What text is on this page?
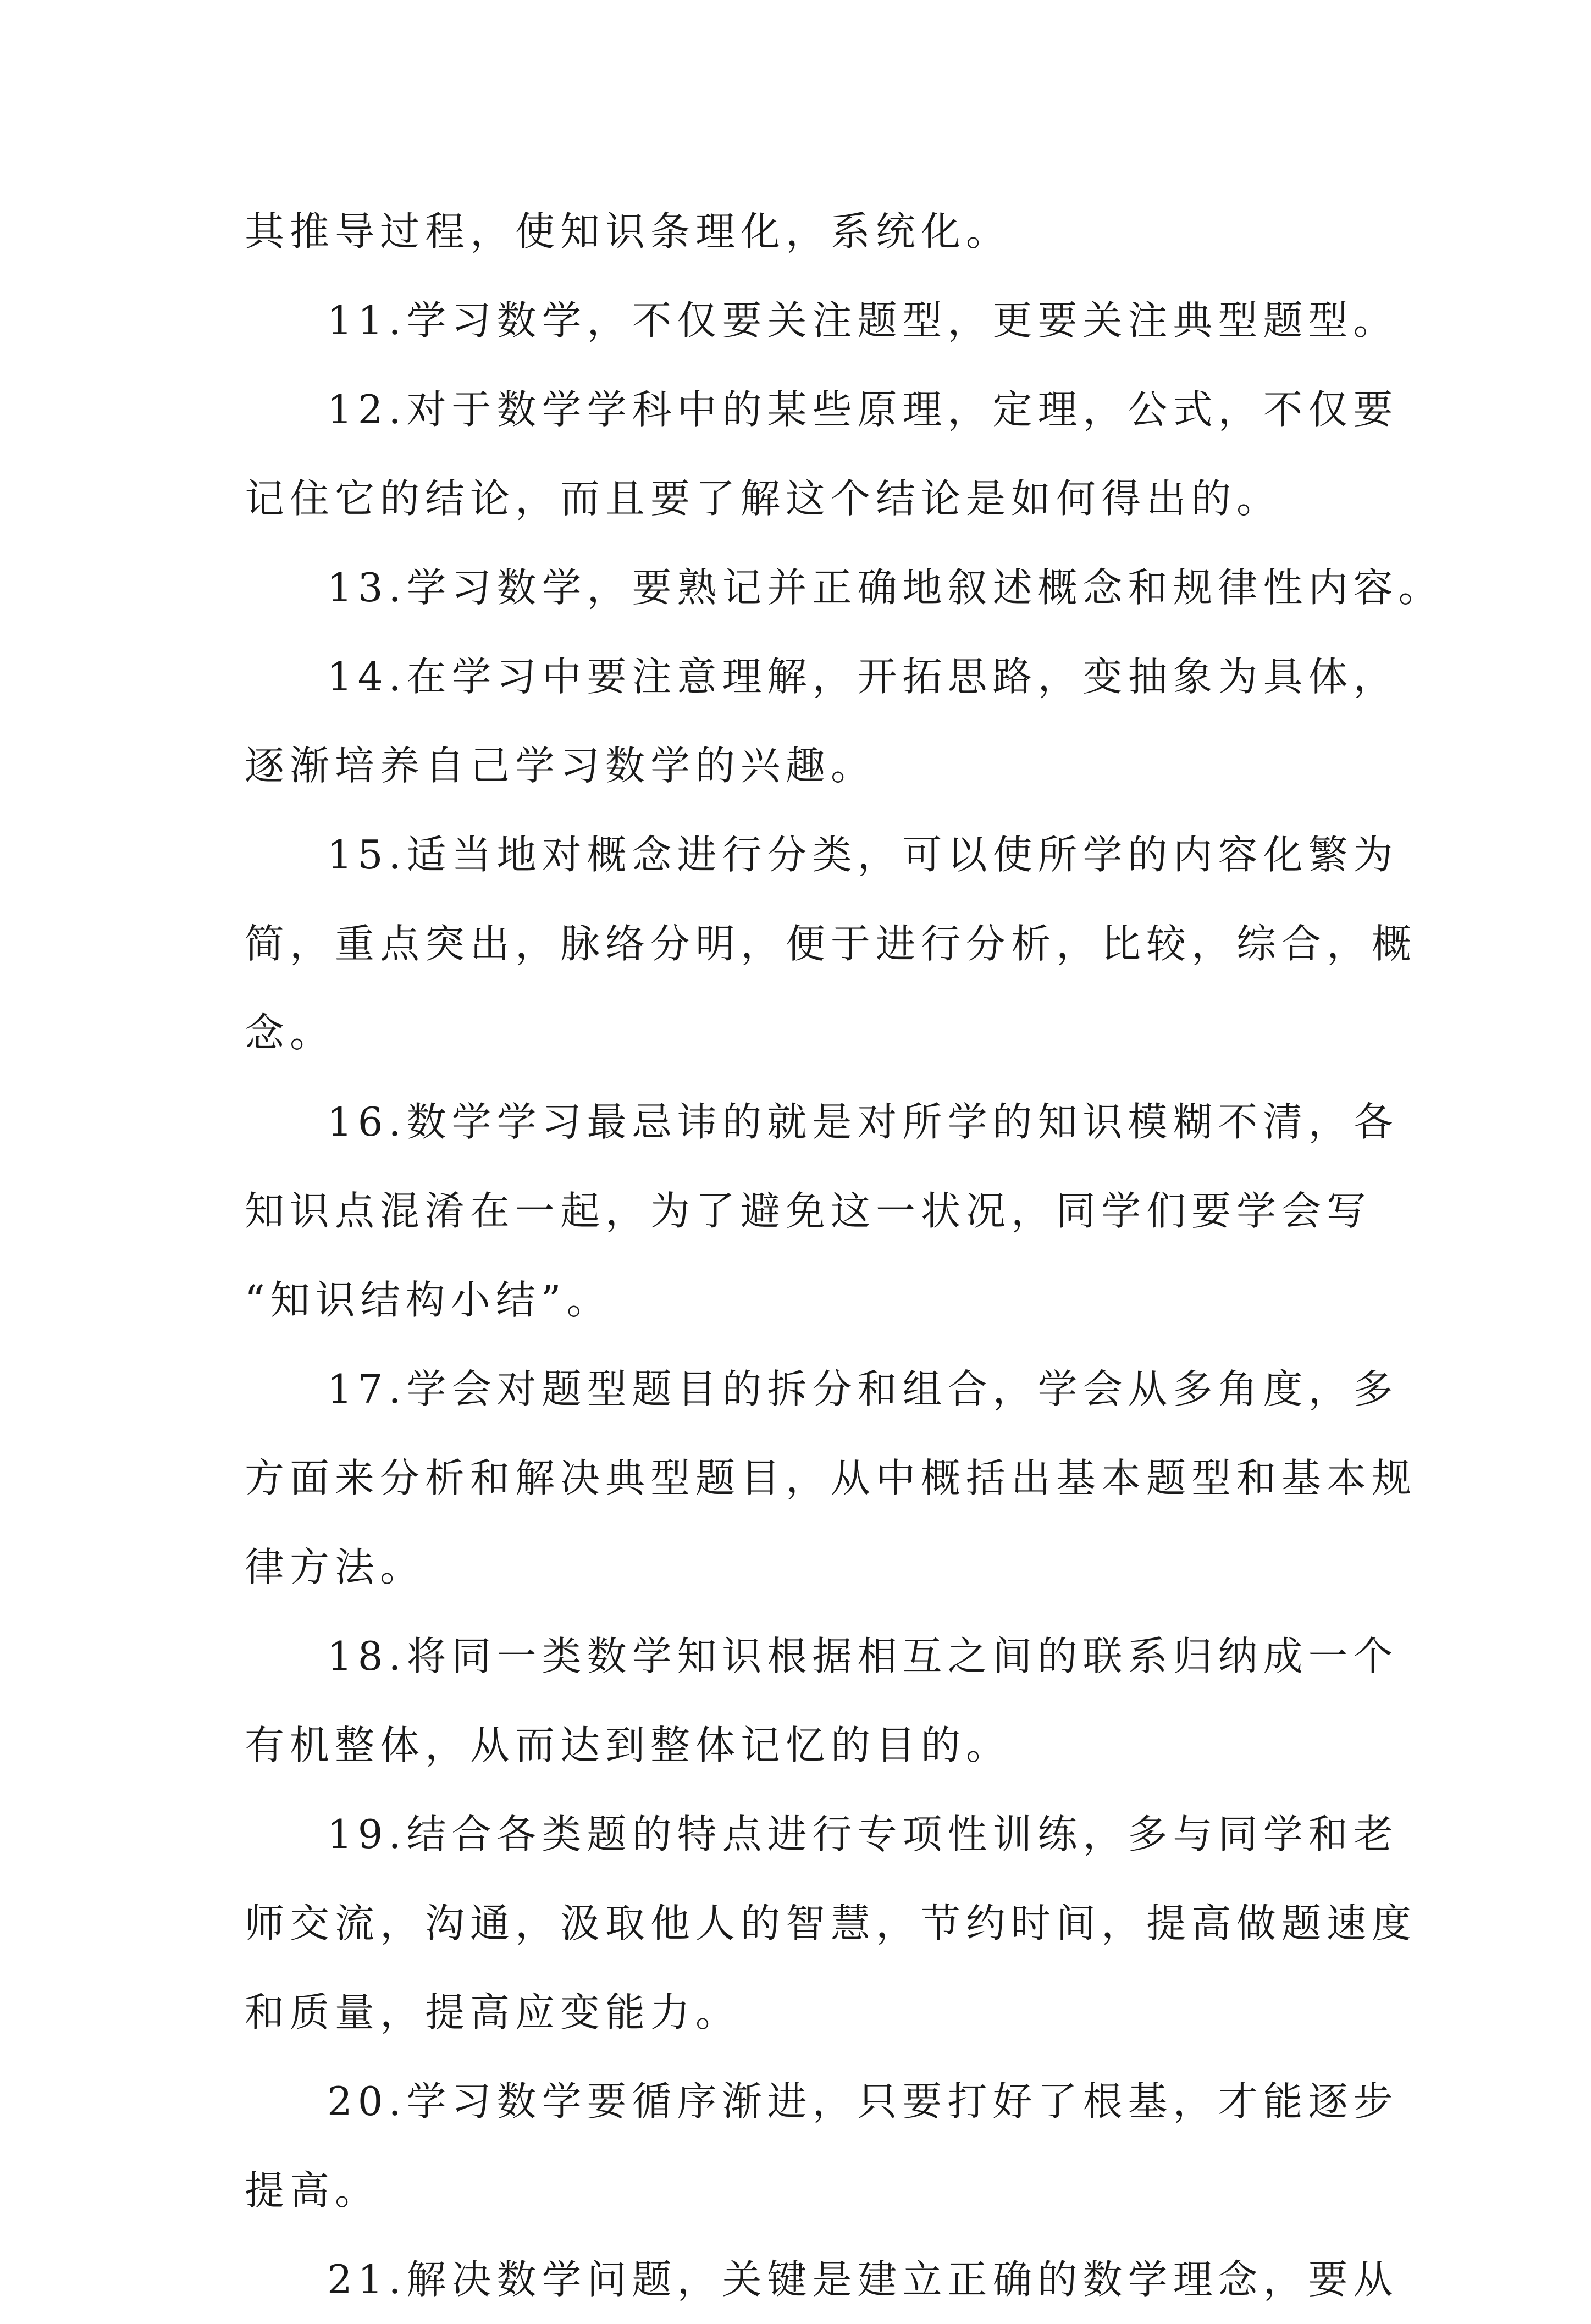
其推导过程，使知识条理化，系统化。
11.学习数学，不仅要关注题型，更要关注典型题型。
12.对于数学学科中的某些原理，定理，公式，不仅要
记住它的结论，而且要了解这个结论是如何得出的。
13.学习数学，要熟记并正确地叙述概念和规律性内容。
14.在学习中要注意理解，开拓思路，变抽象为具体，
逐渐培养自己学习数学的兴趣。
15.适当地对概念进行分类，可以使所学的内容化繁为
简，重点突出，脉络分明，便于进行分析，比较，综合，概
念。
16.数学学习最忌讳的就是对所学的知识模糊不清，各
知识点混淆在一起，为了避免这一状况，同学们要学会写
“知识结构小结”。
17.学会对题型题目的拆分和组合，学会从多角度，多
方面来分析和解决典型题目，从中概括出基本题型和基本规
律方法。
18.将同一类数学知识根据相互之间的联系归纳成一个
有机整体，从而达到整体记忆的目的。
19.结合各类题的特点进行专项性训练，多与同学和老
师交流，沟通，汲取他人的智慧，节约时间，提高做题速度
和质量，提高应变能力。
20.学习数学要循序渐进，只要打好了根基，才能逐步
提高。
21.解决数学问题，关键是建立正确的数学理念，要从
